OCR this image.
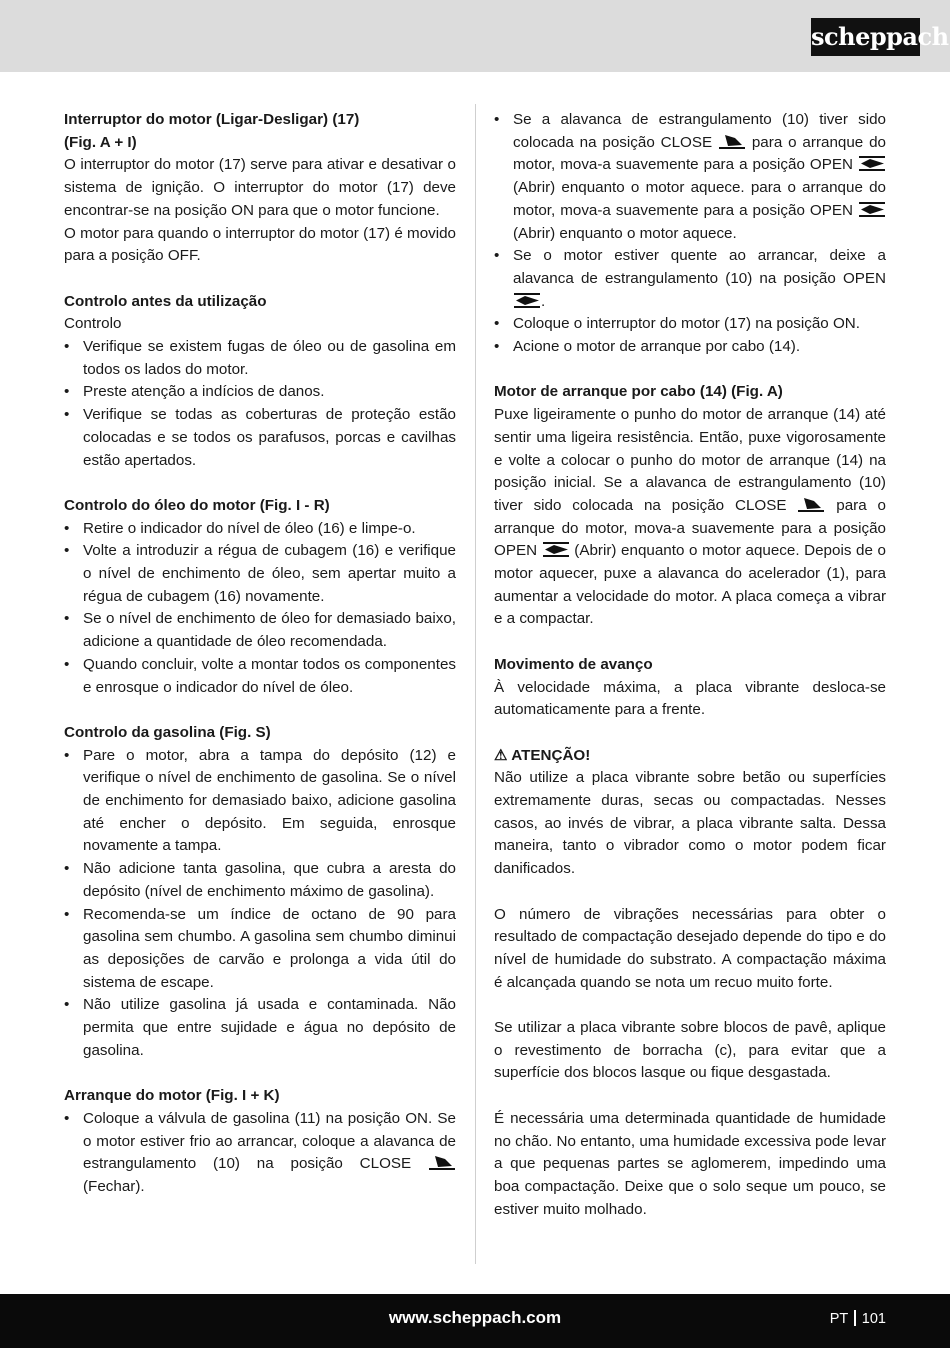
scheppach

Interruptor do motor (Ligar-Desligar) (17)

(Fig. A + I)

O interruptor do motor (17) serve para ativar e desativar o sistema de ignição. O interruptor do motor (17) deve encontrar-se na posição ON para que o motor funcione.

O motor para quando o interruptor do motor (17) é movido para a posição OFF.

Controlo antes da utilização

Controlo

• Verifique se existem fugas de óleo ou de gasolina em todos os lados do motor.
• Preste atenção a indícios de danos.
• Verifique se todas as coberturas de proteção estão colocadas e se todos os parafusos, porcas e cavilhas estão apertados.

Controlo do óleo do motor (Fig. I - R)

• Retire o indicador do nível de óleo (16) e limpe-o.
• Volte a introduzir a régua de cubagem (16) e verifique o nível de enchimento de óleo, sem apertar muito a régua de cubagem (16) novamente.
• Se o nível de enchimento de óleo for demasiado baixo, adicione a quantidade de óleo recomendada.
• Quando concluir, volte a montar todos os componentes e enrosque o indicador do nível de óleo.

Controlo da gasolina (Fig. S)

• Pare o motor, abra a tampa do depósito (12) e verifique o nível de enchimento de gasolina. Se o nível de enchimento for demasiado baixo, adicione gasolina até encher o depósito. Em seguida, enrosque novamente a tampa.
• Não adicione tanta gasolina, que cubra a aresta do depósito (nível de enchimento máximo de gasolina).
• Recomenda-se um índice de octano de 90 para gasolina sem chumbo. A gasolina sem chumbo diminui as deposições de carvão e prolonga a vida útil do sistema de escape.
• Não utilize gasolina já usada e contaminada. Não permita que entre sujidade e água no depósito de gasolina.

Arranque do motor (Fig. I + K)

• Coloque a válvula de gasolina (11) na posição ON. Se o motor estiver frio ao arrancar, coloque a alavanca de estrangulamento (10) na posição CLOSE
(Fechar).
• Se a alavanca de estrangulamento (10) tiver sido colocada na posição CLOSE
para o arranque do motor, mova-a suavemente para a posição OPEN
(Abrir) enquanto o motor aquece. para o arranque do motor, mova-a suavemente para a posição OPEN
(Abrir) enquanto o motor aquece.
• Se o motor estiver quente ao arrancar, deixe a alavanca de estrangulamento (10) na posição OPEN
.
• Coloque o interruptor do motor (17) na posição ON.
• Acione o motor de arranque por cabo (14).

Motor de arranque por cabo (14) (Fig. A)

Puxe ligeiramente o punho do motor de arranque (14) até sentir uma ligeira resistência. Então, puxe vigorosamente e volte a colocar o punho do motor de arranque (14) na posição inicial. Se a alavanca de estrangulamento (10) tiver sido colocada na posição CLOSE	para o arranque do motor, mova-a suavemente para a posição OPEN
(Abrir) enquanto o motor aquece. Depois de o motor aquecer, puxe a alavanca do acelerador (1), para aumentar a velocidade do motor. A placa começa a vibrar e a compactar.

Movimento de avanço

À velocidade máxima, a placa vibrante desloca-se automaticamente para a frente.

⚠ ATENÇÃO!

Não utilize a placa vibrante sobre betão ou superfícies extremamente duras, secas ou compactadas. Nesses casos, ao invés de vibrar, a placa vibrante salta. Dessa maneira, tanto o vibrador como o motor podem ficar danificados.

O número de vibrações necessárias para obter o resultado de compactação desejado depende do tipo e do nível de humidade do substrato. A compactação máxima é alcançada quando se nota um recuo muito forte.

Se utilizar a placa vibrante sobre blocos de pavê, aplique o revestimento de borracha (c), para evitar que a superfície dos blocos lasque ou fique desgastada.

É necessária uma determinada quantidade de humidade no chão. No entanto, uma humidade excessiva pode levar a que pequenas partes se aglomerem, impedindo uma boa compactação. Deixe que o solo seque um pouco, se estiver muito molhado.

www.scheppach.com	PT 101
